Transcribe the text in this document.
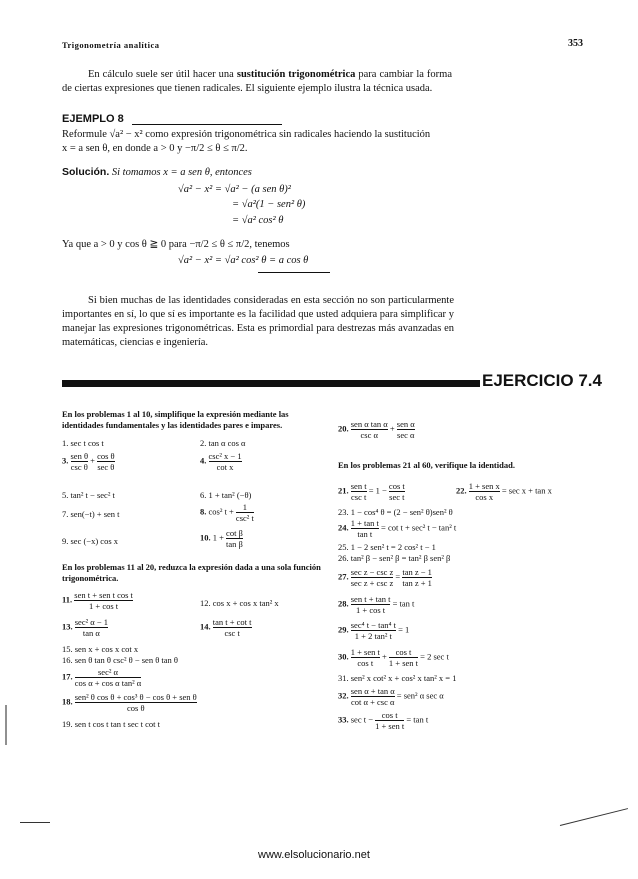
Trigonometría analítica	353
En cálculo suele ser útil hacer una sustitución trigonométrica para cambiar la forma de ciertas expresiones que tienen radicales. El siguiente ejemplo ilustra la técnica usada.
EJEMPLO 8
Reformule √a² − x² como expresión trigonométrica sin radicales haciendo la sustitución
x = a sen θ, en donde a > 0 y −π/2 ≤ θ ≤ π/2.
Solución. Si tomamos x = a sen θ, entonces
√a² − x² = √a² − (a sen θ)²
= √a²(1 − sen² θ)
= √a² cos² θ
Ya que a > 0 y cos θ ≧ 0 para −π/2 ≤ θ ≤ π/2, tenemos
√a² − x² = √a² cos² θ = a cos θ
Si bien muchas de las identidades consideradas en esta sección no son particularmente importantes en sí, lo que sí es importante es la facilidad que usted adquiera para simplificar y manejar las expresiones trigonométricas. Esta es primordial para destrezas más avanzadas en matemáticas, ciencias e ingeniería.
EJERCICIO 7.4
En los problemas 1 al 10, simplifique la expresión mediante las identidades fundamentales y las identidades pares e impares.
1. sec t cos t	2. tan α cos α
3. $\frac{\text{sen θ}}{\text{csc θ}} + \frac{\text{cos θ}}{\text{sec θ}}$	4. $\frac{\text{csc² x − 1}}{\text{cot x}}$
5. tan² t − sec² t	6. 1 + tan² (−θ)
7. sen(−t) + sen t	8. cos² $t + \frac{1}{\text{csc² t}}$
9. sec (−x) cos x	10. $1 + \frac{\text{cot β}}{\text{tan β}}$
En los problemas 11 al 20, reduzca la expresión dada a una sola función trigonométrica.
11. $\frac{\text{sen t + sen t cos t}}{\text{1 + cos t}}$	12. cos x + cos x tan² x
13. $\frac{\text{sec² α − 1}}{\text{tan α}}$	14. $\frac{\text{tan t + cot t}}{\text{csc t}}$
15. sen x + cos x cot x
16. sen θ tan θ csc² θ − sen θ tan θ
17. $\frac{\text{sec² α}}{\text{cos α + cos α tan² α}}$
18. $\frac{\text{sen² θ cos θ + cos³ θ − cos θ + sen θ}}{\text{cos θ}}$
19. sen t cos t tan t sec t cot t
20. $\frac{\text{sen α tan α}}{\text{csc α}} + \frac{\text{sen α}}{\text{sec α}}$
En los problemas 21 al 60, verifique la identidad.
21. $\frac{\text{sen t}}{\text{csc t}} = 1 - \frac{\text{cos t}}{\text{sec t}}$	22. $\frac{\text{1 + sen x}}{\text{cos x}} = \sec x + \tan x$
23. 1 − cos⁴ θ = (2 − sen² θ)sen² θ
24. $\frac{\text{1 + tan t}}{\text{tan t}} = \cot t + \sec^2$ t − tan² t
25. 1 − 2 sen² t = 2 cos² t − 1
26. tan² β − sen² β = tan² β sen² β
27. $\frac{\text{sec z − csc z}}{\text{sec z + csc z}} = \frac{\text{tan z − 1}}{\text{tan z + 1}}$
28. $\frac{\text{sen t + tan t}}{\text{1 + cos t}} = \tan t$
29. $\frac{\text{sec⁴ t − tan⁴ t}}{\text{1 + 2 tan² t}} = 1$
30. $\frac{\text{1 + sen t}}{\text{cos t}} + \frac{\text{cos t}}{\text{1 + sen t}} = 2$ sec t
31. sen² x cot² x + cos² x tan² x = 1
32. $\frac{\text{sen α + tan α}}{\text{cot α + csc α}} = sen^2$ α sec α
33. $\sec t - \frac{\text{cos t}}{\text{1 + sen t}} = \tan t$
www.elsolucionario.net
